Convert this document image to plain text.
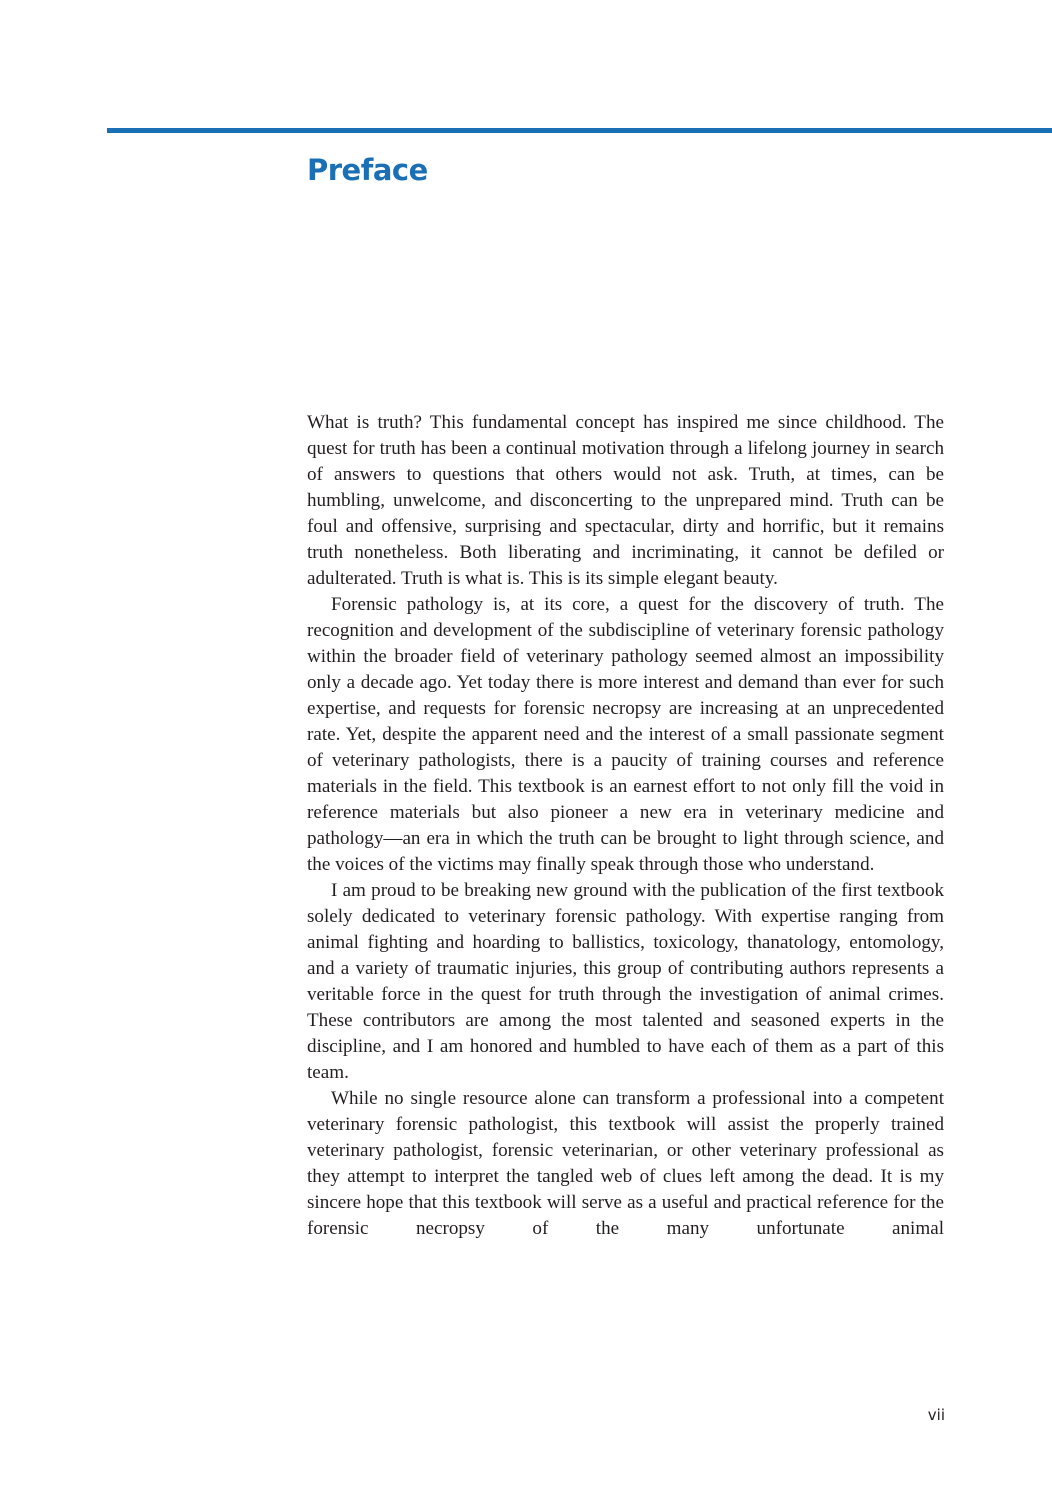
Preface

What is truth? This fundamental concept has inspired me since childhood. The quest for truth has been a continual motivation through a lifelong journey in search of answers to questions that others would not ask. Truth, at times, can be humbling, unwelcome, and disconcerting to the unprepared mind. Truth can be foul and offensive, surprising and spectacular, dirty and horrific, but it remains truth nonetheless. Both liberating and incriminating, it cannot be defiled or adulterated. Truth is what is. This is its simple elegant beauty.

Forensic pathology is, at its core, a quest for the discovery of truth. The recognition and development of the subdiscipline of veterinary forensic pathology within the broader field of veterinary pathology seemed almost an impossibility only a decade ago. Yet today there is more interest and demand than ever for such expertise, and requests for forensic necropsy are increasing at an unprecedented rate. Yet, despite the apparent need and the interest of a small passionate segment of veterinary pathologists, there is a paucity of training courses and reference materials in the field. This textbook is an earnest effort to not only fill the void in reference materials but also pioneer a new era in veterinary medicine and pathology—an era in which the truth can be brought to light through science, and the voices of the victims may finally speak through those who understand.

I am proud to be breaking new ground with the publication of the first textbook solely dedicated to veterinary forensic pathology. With expertise ranging from animal fighting and hoarding to ballistics, toxicology, thanatology, entomology, and a variety of traumatic injuries, this group of contributing authors represents a veritable force in the quest for truth through the investigation of animal crimes. These contributors are among the most talented and seasoned experts in the discipline, and I am honored and humbled to have each of them as a part of this team.

While no single resource alone can transform a professional into a competent veterinary forensic pathologist, this textbook will assist the properly trained veterinary pathologist, forensic veterinarian, or other veterinary professional as they attempt to interpret the tangled web of clues left among the dead. It is my sincere hope that this textbook will serve as a useful and practical reference for the forensic necropsy of the many unfortunate animal

vii
